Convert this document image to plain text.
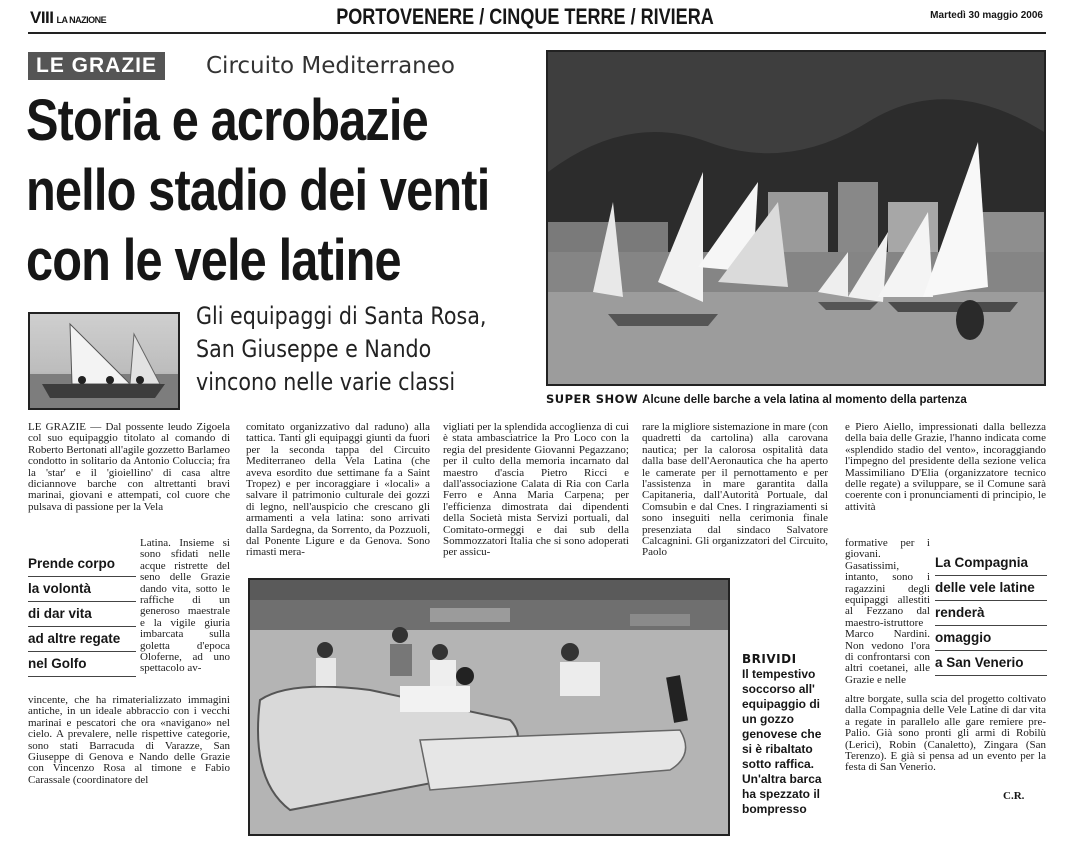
VIII LA NAZIONE	PORTOVENERE / CINQUE TERRE / RIVIERA	Martedì 30 maggio 2006
LE GRAZIE	Circuito Mediterraneo
Storia e acrobazie
nello stadio dei venti
con le vele latine
Gli equipaggi di Santa Rosa,
San Giuseppe e Nando
vincono nelle varie classi
SUPER SHOW Alcune delle barche a vela latina al momento della partenza
LE GRAZIE — Dal possente leudo Zigoela col suo equipaggio titolato al comando di Roberto Bertonati all'agile gozzetto Barlameo condotto in solitario da Antonio Coluccia; fra la 'star' e il 'gioiellino' di casa altre diciannove barche con altrettanti bravi marinai, giovani e attempati, col cuore che pulsava di passione per la Vela
Prende corpo
la volontà
di dar vita
ad altre regate
nel Golfo
Latina. Insieme si sono sfidati nelle acque ristrette del seno delle Grazie dando vita, sotto le raffiche di un generoso maestrale e la vigile giuria imbarcata sulla goletta d'epoca Oloferne, ad uno spettacolo av-
vincente, che ha rimaterializzato immagini antiche, in un ideale abbraccio con i vecchi marinai e pescatori che ora «navigano» nel cielo. A prevalere, nelle rispettive categorie, sono stati Barracuda di Varazze, San Giuseppe di Genova e Nando delle Grazie con Vincenzo Rosa al timone e Fabio Carassale (coordinatore del
comitato organizzativo dal raduno) alla tattica. Tanti gli equipaggi giunti da fuori per la seconda tappa del Circuito Mediterraneo della Vela Latina (che aveva esordito due settimane fa a Saint Tropez) e per incoraggiare i «locali» a salvare il patrimonio culturale dei gozzi di legno, nell'auspicio che crescano gli armamenti a vela latina: sono arrivati dalla Sardegna, da Sorrento, da Pozzuoli, dal Ponente Ligure e da Genova. Sono rimasti mera-
vigliati per la splendida accoglienza di cui è stata ambasciatrice la Pro Loco con la regia del presidente Giovanni Pegazzano; per il culto della memoria incarnato dal maestro d'ascia Pietro Ricci e dall'associazione Calata di Ria con Carla Ferro e Anna Maria Carpena; per l'efficienza dimostrata dai dipendenti della Società mista Servizi portuali, dal Comitato-ormeggi e dai sub della Sommozzatori Italia che si sono adoperati per assicu-
rare la migliore sistemazione in mare (con quadretti da cartolina) alla carovana nautica; per la calorosa ospitalità data dalla base dell'Aeronautica che ha aperto le camerate per il pernottamento e per l'assistenza in mare garantita dalla Capitaneria, dall'Autorità Portuale, dal Comsubin e dal Cnes. I ringraziamenti si sono inseguiti nella cerimonia finale presenziata dal sindaco Salvatore Calcagnini. Gli organizzatori del Circuito, Paolo
e Piero Aiello, impressionati dalla bellezza della baia delle Grazie, l'hanno indicata come «splendido stadio del vento», incoraggiando l'impegno del presidente della sezione velica Massimiliano D'Elia (organizzatore tecnico delle regate) a sviluppare, se il Comune sarà coerente con i pronunciamenti di principio, le attività
formative per i giovani. Gasatissimi, intanto, sono i ragazzini degli equipaggi allestiti al Fezzano dal maestro-istruttore Marco Nardini. Non vedono l'ora di confrontarsi con altri coetanei, alle Grazie e nelle
La Compagnia
delle vele latine
renderà
omaggio
a San Venerio
altre borgate, sulla scia del progetto coltivato dalla Compagnia delle Vele Latine di dar vita a regate in parallelo alle gare remiere pre-Palio. Già sono pronti gli armi di Robilù (Lerici), Robin (Canaletto), Zingara (San Terenzo). E già si pensa ad un evento per la festa di San Venerio.
C.R.
BRIVIDI
Il tempestivo soccorso all' equipaggio di un gozzo genovese che si è ribaltato sotto raffica. Un'altra barca ha spezzato il bompresso
